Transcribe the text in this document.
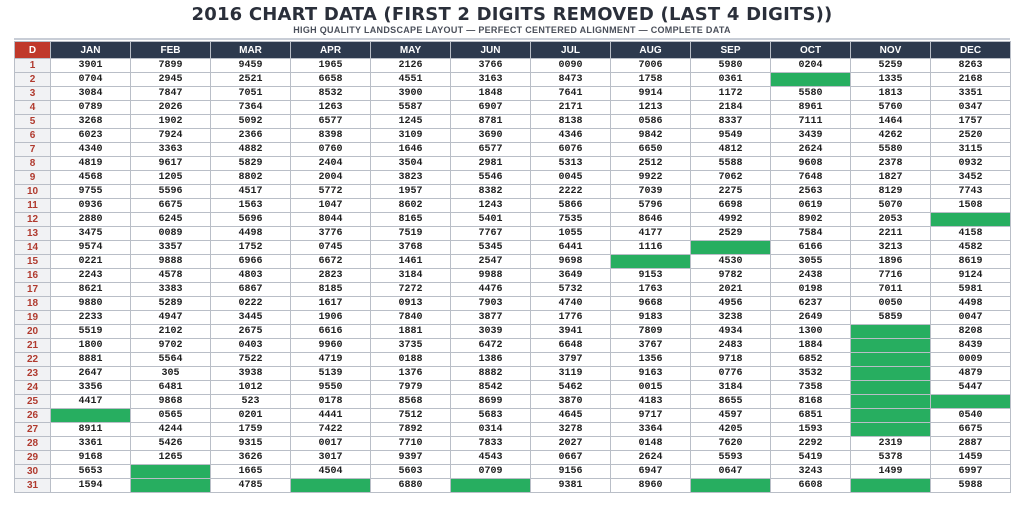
2016 CHART DATA (FIRST 2 DIGITS REMOVED (LAST 4 DIGITS))
HIGH QUALITY LANDSCAPE LAYOUT — PERFECT CENTERED ALIGNMENT — COMPLETE DATA
D	JAN	FEB	MAR	APR	MAY	JUN	JUL	AUG	SEP	OCT	NOV	DEC
1	3901	7899	9459	1965	2126	3766	0090	7006	5980	0204	5259	8263
2	0704	2945	2521	6658	4551	3163	8473	1758	0361		1335	2168
3	3084	7847	7051	8532	3900	1848	7641	9914	1172	5580	1813	3351
4	0789	2026	7364	1263	5587	6907	2171	1213	2184	8961	5760	0347
5	3268	1902	5092	6577	1245	8781	8138	0586	8337	7111	1464	1757
6	6023	7924	2366	8398	3109	3690	4346	9842	9549	3439	4262	2520
7	4340	3363	4882	0760	1646	6577	6076	6650	4812	2624	5580	3115
8	4819	9617	5829	2404	3504	2981	5313	2512	5588	9608	2378	0932
9	4568	1205	8802	2004	3823	5546	0045	9922	7062	7648	1827	3452
10	9755	5596	4517	5772	1957	8382	2222	7039	2275	2563	8129	7743
11	0936	6675	1563	1047	8602	1243	5866	5796	6698	0619	5070	1508
12	2880	6245	5696	8044	8165	5401	7535	8646	4992	8902	2053	
13	3475	0089	4498	3776	7519	7767	1055	4177	2529	7584	2211	4158
14	9574	3357	1752	0745	3768	5345	6441	1116		6166	3213	4582
15	0221	9888	6966	6672	1461	2547	9698		4530	3055	1896	8619
16	2243	4578	4803	2823	3184	9988	3649	9153	9782	2438	7716	9124
17	8621	3383	6867	8185	7272	4476	5732	1763	2021	0198	7011	5981
18	9880	5289	0222	1617	0913	7903	4740	9668	4956	6237	0050	4498
19	2233	4947	3445	1906	7840	3877	1776	9183	3238	2649	5859	0047
20	5519	2102	2675	6616	1881	3039	3941	7809	4934	1300		8208
21	1800	9702	0403	9960	3735	6472	6648	3767	2483	1884		8439
22	8881	5564	7522	4719	0188	1386	3797	1356	9718	6852		0009
23	2647	305	3938	5139	1376	8882	3119	9163	0776	3532		4879
24	3356	6481	1012	9550	7979	8542	5462	0015	3184	7358		5447
25	4417	9868	523	0178	8568	8699	3870	4183	8655	8168		
26		0565	0201	4441	7512	5683	4645	9717	4597	6851		0540
27	8911	4244	1759	7422	7892	0314	3278	3364	4205	1593		6675
28	3361	5426	9315	0017	7710	7833	2027	0148	7620	2292	2319	2887
29	9168	1265	3626	3017	9397	4543	0667	2624	5593	5419	5378	1459
30	5653		1665	4504	5603	0709	9156	6947	0647	3243	1499	6997
31	1594		4785		6880		9381	8960		6608		5988
